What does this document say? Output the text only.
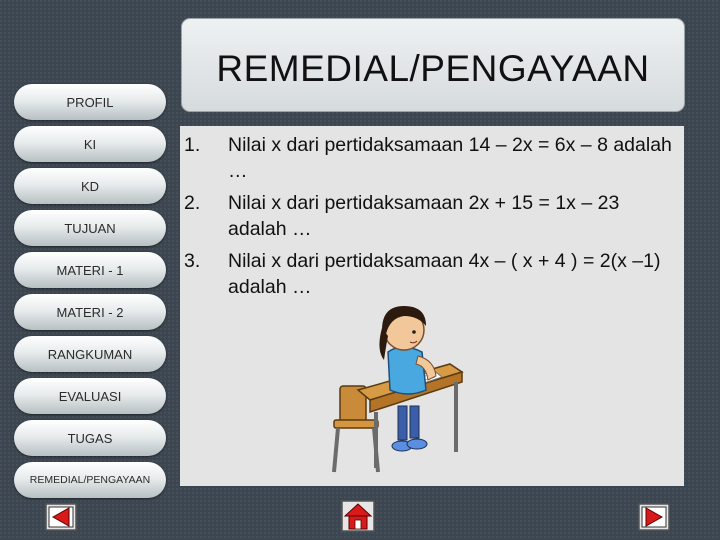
PROFIL
KI
KD
TUJUAN
MATERI - 1
MATERI - 2
RANGKUMAN
EVALUASI
TUGAS
REMEDIAL/PENGAYAAN
REMEDIAL/PENGAYAAN
1. Nilai x dari pertidaksamaan 14 – 2x = 6x – 8 adalah …
2. Nilai x dari pertidaksamaan 2x + 15 = 1x – 23 adalah …
3. Nilai x dari pertidaksamaan 4x – ( x + 4 ) = 2(x –1) adalah …
